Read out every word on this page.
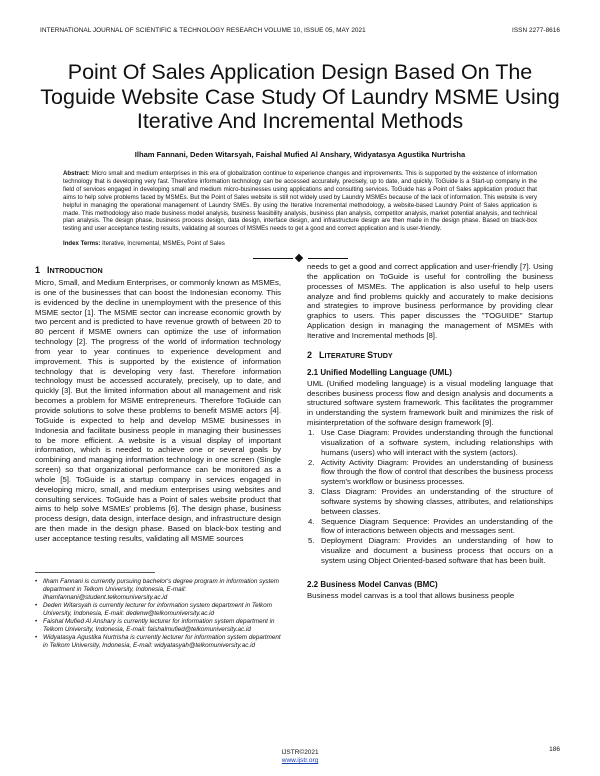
INTERNATIONAL JOURNAL OF SCIENTIFIC & TECHNOLOGY RESEARCH VOLUME 10, ISSUE 05, MAY 2021	ISSN 2277-8616
Point Of Sales Application Design Based On The Toguide Website Case Study Of Laundry MSME Using Iterative And Incremental Methods
Ilham Fannani, Deden Witarsyah, Faishal Mufied Al Anshary, Widyatasya Agustika Nurtrisha
Abstract: Micro small and medium enterprises in this era of globalization continue to experience changes and improvements. This is supported by the existence of information technology that is developing very fast. Therefore information technology can be accessed accurately, precisely, up to date, and quickly. ToGuide is a Start-up company in the field of services engaged in developing small and medium micro-businesses using applications and consulting services. ToGuide has a Point of Sales application product that aims to help solve problems faced by MSMEs. But the Point of Sales website is still not widely used by Laundry MSMEs because of the lack of information. This website is very helpful in managing the operational management of Laundry SMEs. By using the Iterative Incremental methodology, a website-based Laundry Point of Sales application is made. This methodology also made business model analysis, business feasibility analysis, business plan analysis, competitor analysis, market potential analysis, and technical plan analysis. The design phase, business process design, data design, interface design, and infrastructure design are then made in the design phase. Based on black-box testing and user acceptance testing results, validating all sources of MSMEs needs to get a good and correct application and is user-friendly.
Index Terms: Iterative, Incremental, MSMEs, Point of Sales
1 INTRODUCTION

Micro, Small, and Medium Enterprises, or commonly known as MSMEs, is one of the businesses that can boost the Indonesian economy. This is evidenced by the decline in unemployment with the presence of this MSME sector [1]. The MSME sector can increase economic growth by two percent and is predicted to have revenue growth of between 20 to 80 percent if MSME owners can optimize the use of information technology [2]. The progress of the world of information technology from year to year continues to experience development and improvement. This is supported by the existence of information technology that is developing very fast. Therefore information technology must be accessed accurately, precisely, up to date, and quickly [3]. But the limited information about all management and risk becomes a problem for MSME entrepreneurs. Therefore ToGuide can provide solutions to solve these problems to benefit MSME actors [4]. ToGuide is expected to help and develop MSME businesses in Indonesia and facilitate business people in managing their businesses to be more efficient. A website is a visual display of important information, which is needed to achieve one or several goals by combining and managing information technology in one screen (Single screen) so that organizational performance can be monitored as a whole [5]. ToGuide is a startup company in services engaged in developing micro, small, and medium enterprises using websites and consulting services. ToGuide has a Point of sales website product that aims to help solve MSMEs' problems [6]. The design phase, business process design, data design, interface design, and infrastructure design are then made in the design phase. Based on black-box testing and user acceptance testing results, validating all MSME sources

• Ilham Fannani is currently pursuing bachelor's degree program in information system department in Telkom University, Indonesia, E-mail: ilhamfannani@student.telkomuniversity.ac.id
• Deden Witarsyah is currently lecturer for information system department in Telkom University, Indonesia, E-mail: dedenw@telkomuniversity.ac.id
• Faishal Mufied Al Anshary is currently lecturer for information system department in Telkom University, Indonesia, E-mail: faishalmufied@telkomuniversity.ac.id
• Widyatasya Agustika Nurtrisha is currently lecturer for information system department in Telkom University, Indonesia, E-mail: widyatasyah@telkomuniversity.ac.id

needs to get a good and correct application and user-friendly [7]. Using the application on ToGuide is useful for controlling the business processes of MSMEs. The application is also useful to help users analyze and find problems quickly and accurately to make decisions and strategies to improve business performance by providing clear graphics to users. This paper discusses the "TOGUIDE" Startup Application design in managing the management of MSMEs with Iterative and Incremental methods [8].

2 LITERATURE STUDY
2.1 Unified Modelling Language (UML)

UML (Unified modeling language) is a visual modeling language that describes business process flow and design analysis and documents a structured software system framework. This facilitates the programmer in understanding the system framework built and minimizes the risk of misinterpretation of the software design framework [9].

1. Use Case Diagram: Provides understanding through the functional visualization of a software system, including relationships with humans (users) who will interact with the system (actors).
2. Activity Activity Diagram: Provides an understanding of business flow through the flow of control that describes the business process system's workflow or business processes.
3. Class Diagram: Provides an understanding of the structure of software systems by showing classes, attributes, and relationships between classes.
4. Sequence Diagram Sequence: Provides an understanding of the flow of interactions between objects and messages sent.
5. Deployment Diagram: Provides an understanding of how to visualize and document a business process that occurs on a system using Object Oriented-based software that has been built.
2.2 Business Model Canvas (BMC)

Business model canvas is a tool that allows business people

186
IJSTR©2021
www.ijstr.org
